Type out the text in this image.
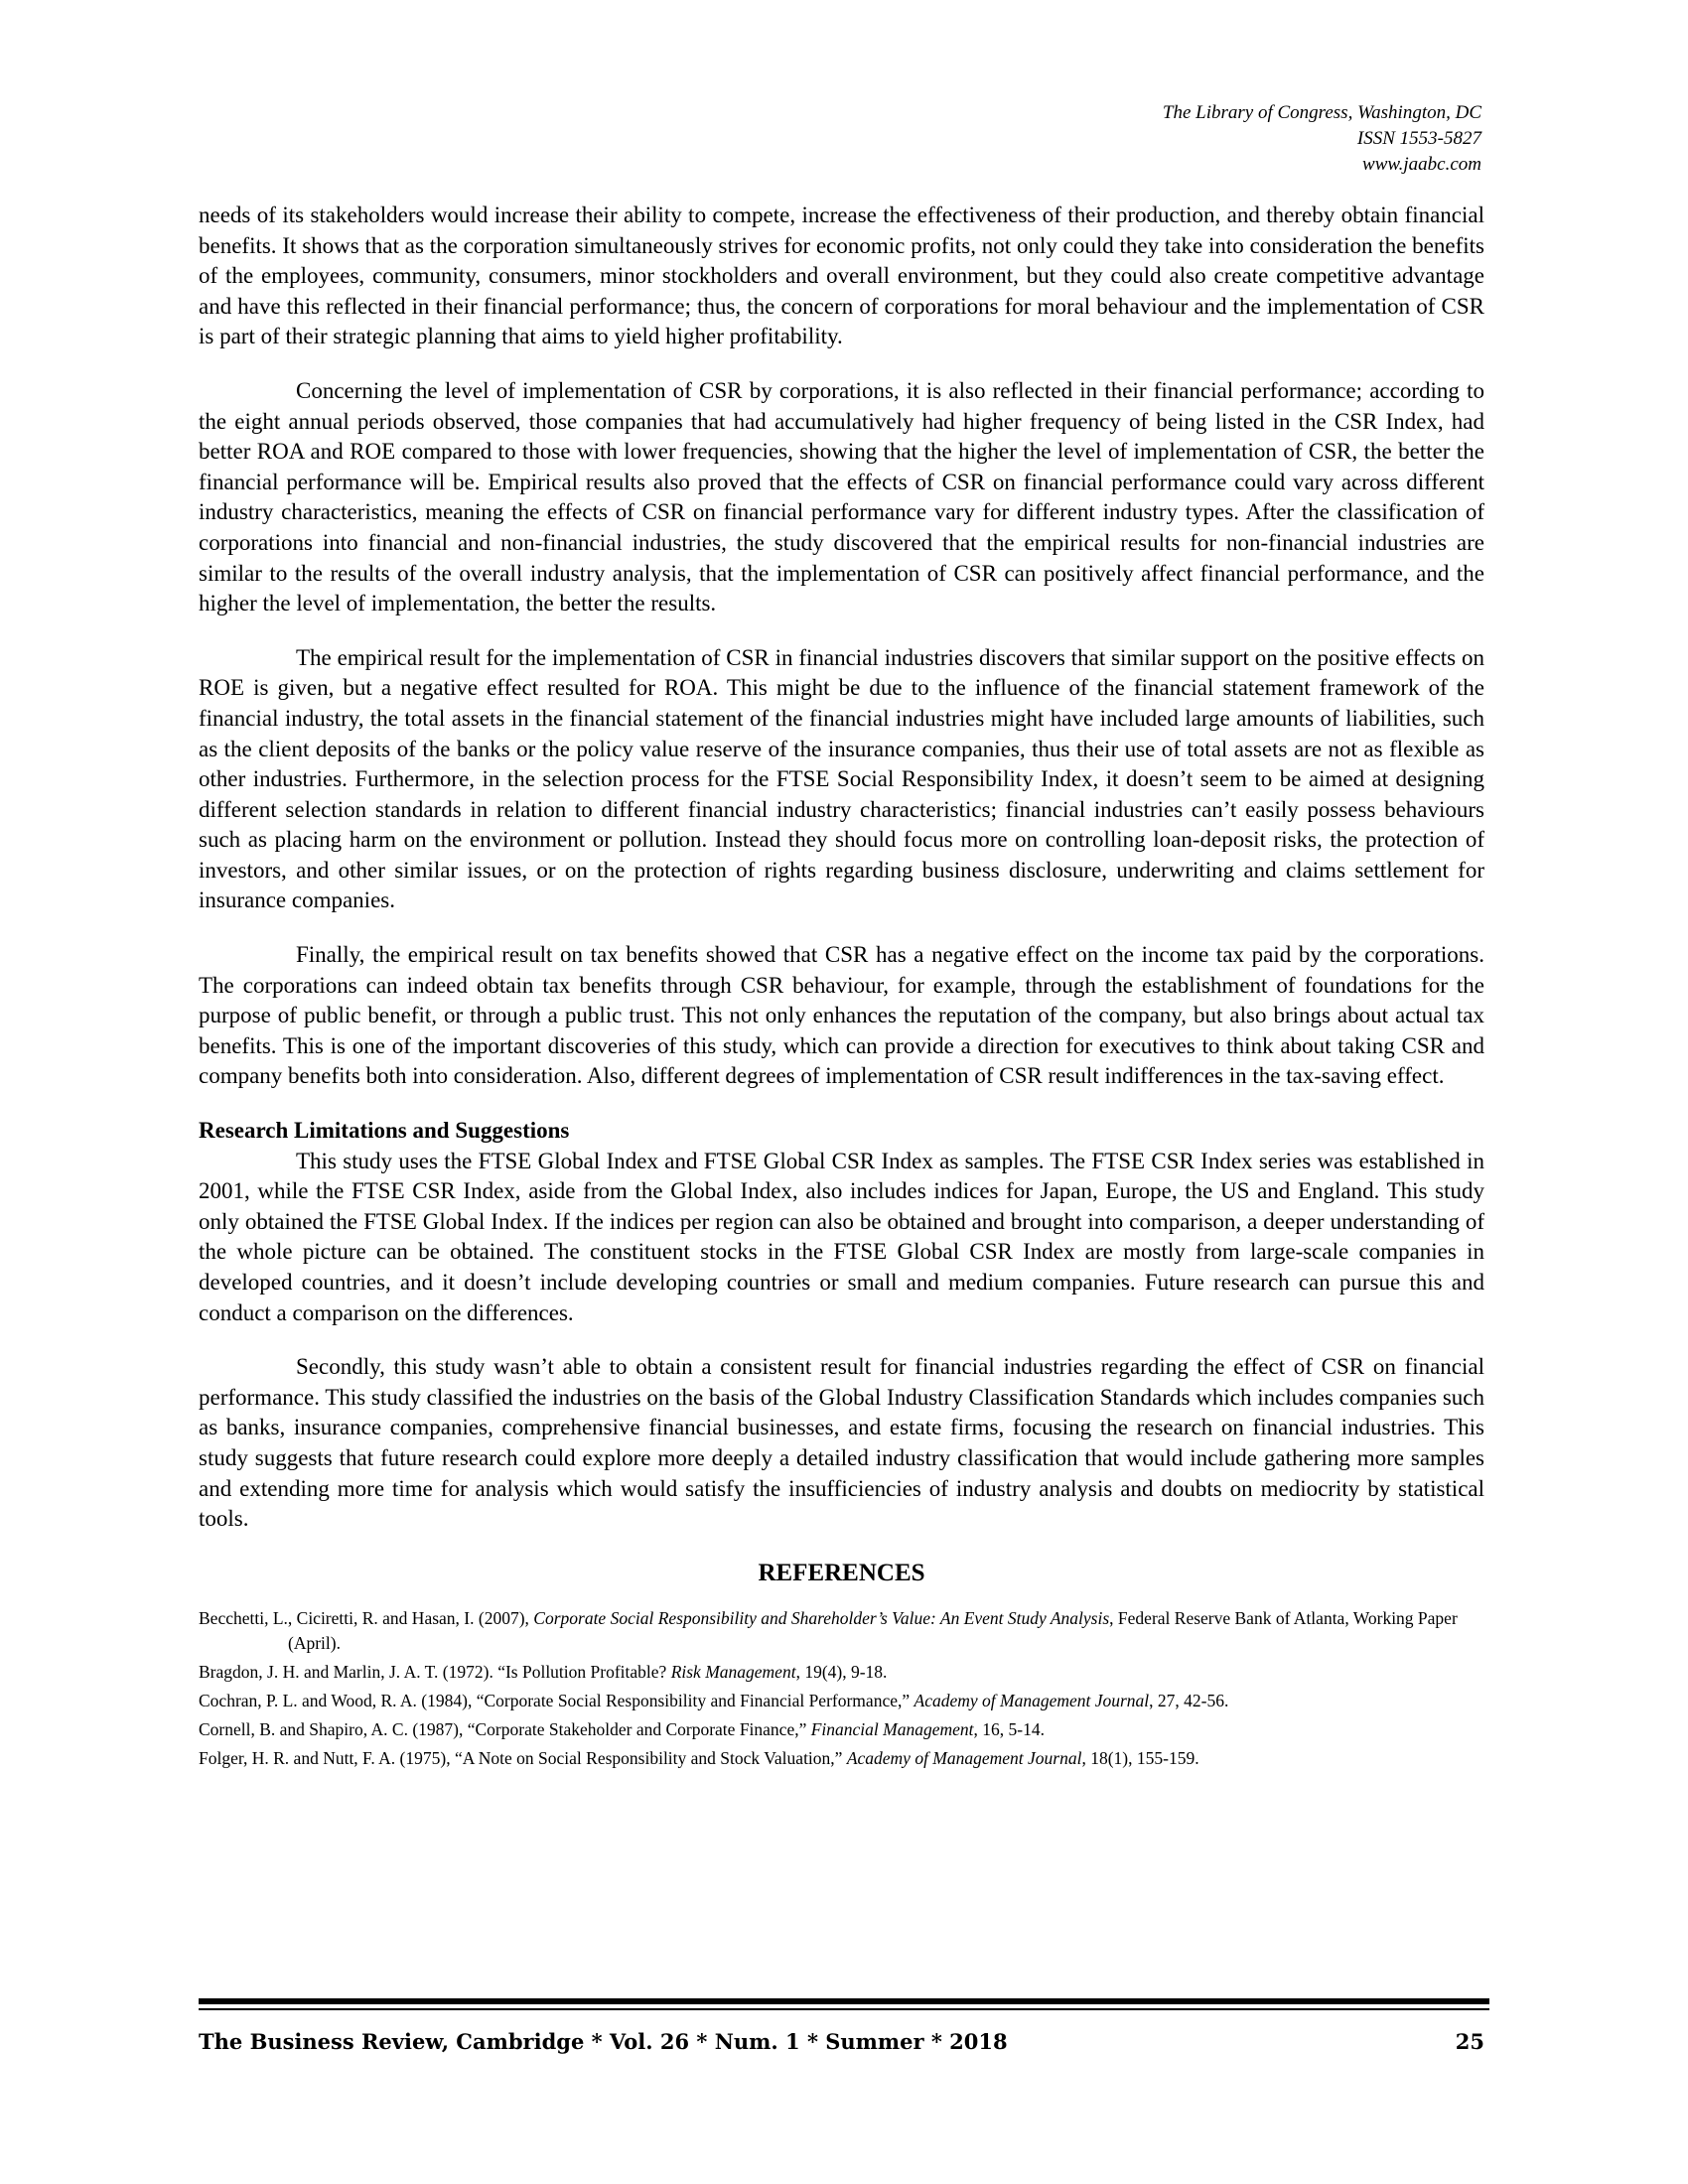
The Library of Congress, Washington, DC
ISSN 1553-5827
www.jaabc.com

needs of its stakeholders would increase their ability to compete, increase the effectiveness of their production, and thereby obtain financial benefits. It shows that as the corporation simultaneously strives for economic profits, not only could they take into consideration the benefits of the employees, community, consumers, minor stockholders and overall environment, but they could also create competitive advantage and have this reflected in their financial performance; thus, the concern of corporations for moral behaviour and the implementation of CSR is part of their strategic planning that aims to yield higher profitability.

Concerning the level of implementation of CSR by corporations, it is also reflected in their financial performance; according to the eight annual periods observed, those companies that had accumulatively had higher frequency of being listed in the CSR Index, had better ROA and ROE compared to those with lower frequencies, showing that the higher the level of implementation of CSR, the better the financial performance will be. Empirical results also proved that the effects of CSR on financial performance could vary across different industry characteristics, meaning the effects of CSR on financial performance vary for different industry types. After the classification of corporations into financial and non-financial industries, the study discovered that the empirical results for non-financial industries are similar to the results of the overall industry analysis, that the implementation of CSR can positively affect financial performance, and the higher the level of implementation, the better the results.

The empirical result for the implementation of CSR in financial industries discovers that similar support on the positive effects on ROE is given, but a negative effect resulted for ROA. This might be due to the influence of the financial statement framework of the financial industry, the total assets in the financial statement of the financial industries might have included large amounts of liabilities, such as the client deposits of the banks or the policy value reserve of the insurance companies, thus their use of total assets are not as flexible as other industries. Furthermore, in the selection process for the FTSE Social Responsibility Index, it doesn’t seem to be aimed at designing different selection standards in relation to different financial industry characteristics; financial industries can’t easily possess behaviours such as placing harm on the environment or pollution. Instead they should focus more on controlling loan-deposit risks, the protection of investors, and other similar issues, or on the protection of rights regarding business disclosure, underwriting and claims settlement for insurance companies.

Finally, the empirical result on tax benefits showed that CSR has a negative effect on the income tax paid by the corporations. The corporations can indeed obtain tax benefits through CSR behaviour, for example, through the establishment of foundations for the purpose of public benefit, or through a public trust. This not only enhances the reputation of the company, but also brings about actual tax benefits. This is one of the important discoveries of this study, which can provide a direction for executives to think about taking CSR and company benefits both into consideration. Also, different degrees of implementation of CSR result indifferences in the tax-saving effect.

Research Limitations and Suggestions

This study uses the FTSE Global Index and FTSE Global CSR Index as samples. The FTSE CSR Index series was established in 2001, while the FTSE CSR Index, aside from the Global Index, also includes indices for Japan, Europe, the US and England. This study only obtained the FTSE Global Index. If the indices per region can also be obtained and brought into comparison, a deeper understanding of the whole picture can be obtained. The constituent stocks in the FTSE Global CSR Index are mostly from large-scale companies in developed countries, and it doesn’t include developing countries or small and medium companies. Future research can pursue this and conduct a comparison on the differences.

Secondly, this study wasn’t able to obtain a consistent result for financial industries regarding the effect of CSR on financial performance. This study classified the industries on the basis of the Global Industry Classification Standards which includes companies such as banks, insurance companies, comprehensive financial businesses, and estate firms, focusing the research on financial industries. This study suggests that future research could explore more deeply a detailed industry classification that would include gathering more samples and extending more time for analysis which would satisfy the insufficiencies of industry analysis and doubts on mediocrity by statistical tools.

REFERENCES

Becchetti, L., Ciciretti, R. and Hasan, I. (2007), Corporate Social Responsibility and Shareholder’s Value: An Event Study Analysis, Federal Reserve Bank of Atlanta, Working Paper (April).

Bragdon, J. H. and Marlin, J. A. T. (1972). “Is Pollution Profitable? Risk Management, 19(4), 9-18.

Cochran, P. L. and Wood, R. A. (1984), “Corporate Social Responsibility and Financial Performance,” Academy of Management Journal, 27, 42-56.

Cornell, B. and Shapiro, A. C. (1987), “Corporate Stakeholder and Corporate Finance,” Financial Management, 16, 5-14.

Folger, H. R. and Nutt, F. A. (1975), “A Note on Social Responsibility and Stock Valuation,” Academy of Management Journal, 18(1), 155-159.

The Business Review, Cambridge * Vol. 26 * Num. 1 * Summer * 2018	25
